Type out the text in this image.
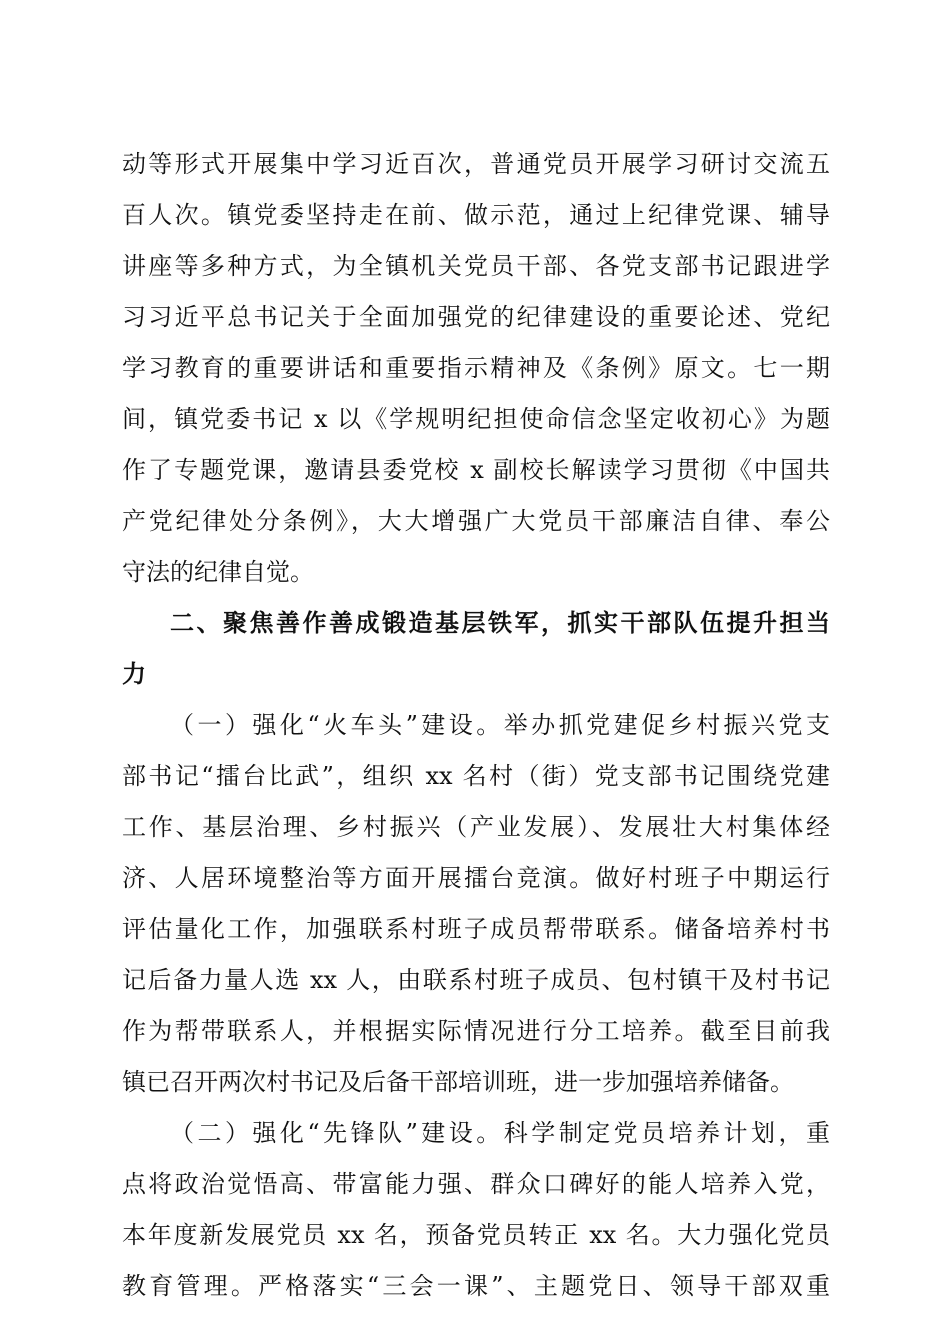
动等形式开展集中学习近百次，普通党员开展学习研讨交流五
百人次。镇党委坚持走在前、做示范，通过上纪律党课、辅导
讲座等多种方式，为全镇机关党员干部、各党支部书记跟进学
习习近平总书记关于全面加强党的纪律建设的重要论述、党纪
学习教育的重要讲话和重要指示精神及《条例》原文。七一期
间，镇党委书记 x 以《学规明纪担使命信念坚定收初心》为题
作了专题党课，邀请县委党校 x 副校长解读学习贯彻《中国共
产党纪律处分条例》，大大增强广大党员干部廉洁自律、奉公
守法的纪律自觉。
二、聚焦善作善成锻造基层铁军，抓实干部队伍提升担当
力
（一）强化“火车头”建设。举办抓党建促乡村振兴党支
部书记“擂台比武”，组织 xx 名村（街）党支部书记围绕党建
工作、基层治理、乡村振兴（产业发展）、发展壮大村集体经
济、人居环境整治等方面开展擂台竞演。做好村班子中期运行
评估量化工作，加强联系村班子成员帮带联系。储备培养村书
记后备力量人选 xx 人，由联系村班子成员、包村镇干及村书记
作为帮带联系人，并根据实际情况进行分工培养。截至目前我
镇已召开两次村书记及后备干部培训班，进一步加强培养储备。
（二）强化“先锋队”建设。科学制定党员培养计划，重
点将政治觉悟高、带富能力强、群众口碑好的能人培养入党，
本年度新发展党员 xx 名，预备党员转正 xx 名。大力强化党员
教育管理。严格落实“三会一课”、主题党日、领导干部双重
